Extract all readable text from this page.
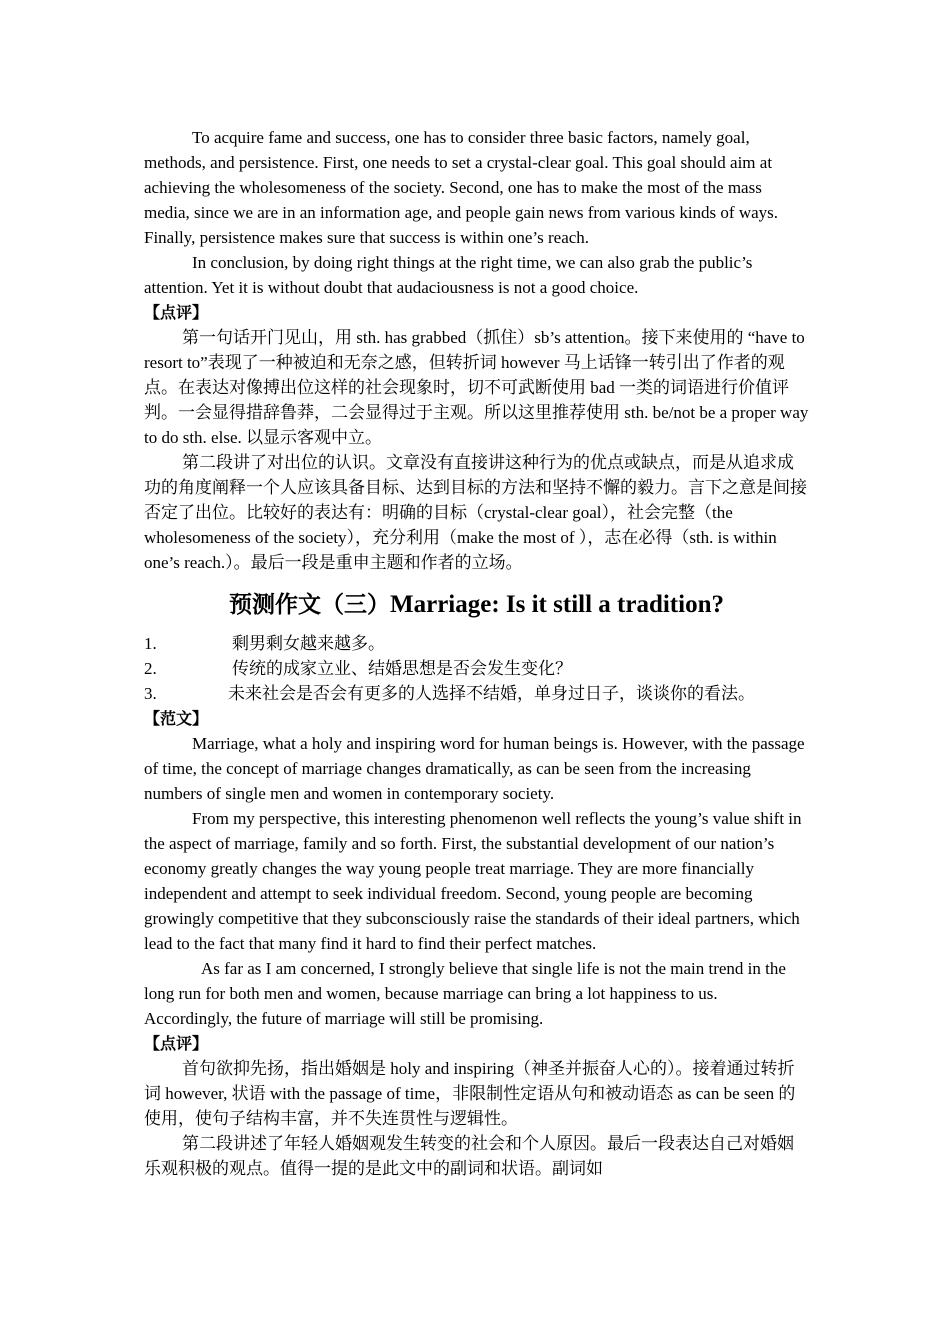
To acquire fame and success, one has to consider three basic factors, namely goal, methods, and persistence. First, one needs to set a crystal-clear goal. This goal should aim at achieving the wholesomeness of the society. Second, one has to make the most of the mass media, since we are in an information age, and people gain news from various kinds of ways. Finally, persistence makes sure that success is within one’s reach.

In conclusion, by doing right things at the right time, we can also grab the public’s attention. Yet it is without doubt that audaciousness is not a good choice.

【点评】

第一句话开门见山，用 sth. has grabbed（抓住）sb’s attention。接下来使用的 “have to resort to”表现了一种被迫和无奈之感，但转折词 however 马上话锋一转引出了作者的观点。在表达对像搏出位这样的社会现象时，切不可武断使用 bad 一类的词语进行价值评判。一会显得措辞鲁莽，二会显得过于主观。所以这里推荐使用 sth. be/not be a proper way to do sth. else. 以显示客观中立。

第二段讲了对出位的认识。文章没有直接讲这种行为的优点或缺点，而是从追求成功的角度阐释一个人应该具备目标、达到目标的方法和坚持不懈的毅力。言下之意是间接否定了出位。比较好的表达有：明确的目标（crystal-clear goal），社会完整（the wholesomeness of the society），充分利用（make the most of ），志在必得（sth. is within one’s reach.）。最后一段是重申主题和作者的立场。

预测作文（三）Marriage: Is it still a tradition?
1.	剩男剩女越来越多。
2.	传统的成家立业、结婚思想是否会发生变化？
3.	未来社会是否会有更多的人选择不结婚，单身过日子，谈谈你的看法。

【范文】

Marriage, what a holy and inspiring word for human beings is. However, with the passage of time, the concept of marriage changes dramatically, as can be seen from the increasing numbers of single men and women in contemporary society.

From my perspective, this interesting phenomenon well reflects the young’s value shift in the aspect of marriage, family and so forth. First, the substantial development of our nation’s economy greatly changes the way young people treat marriage. They are more financially independent and attempt to seek individual freedom. Second, young people are becoming growingly competitive that they subconsciously raise the standards of their ideal partners, which lead to the fact that many find it hard to find their perfect matches.

As far as I am concerned, I strongly believe that single life is not the main trend in the long run for both men and women, because marriage can bring a lot happiness to us. Accordingly, the future of marriage will still be promising.

【点评】

首句欲抑先扬，指出婚姻是 holy and inspiring（神圣并振奋人心的）。接着通过转折词 however, 状语 with the passage of time，非限制性定语从句和被动语态 as can be seen 的使用，使句子结构丰富，并不失连贯性与逻辑性。

第二段讲述了年轻人婚姻观发生转变的社会和个人原因。最后一段表达自己对婚姻乐观积极的观点。值得一提的是此文中的副词和状语。副词如
